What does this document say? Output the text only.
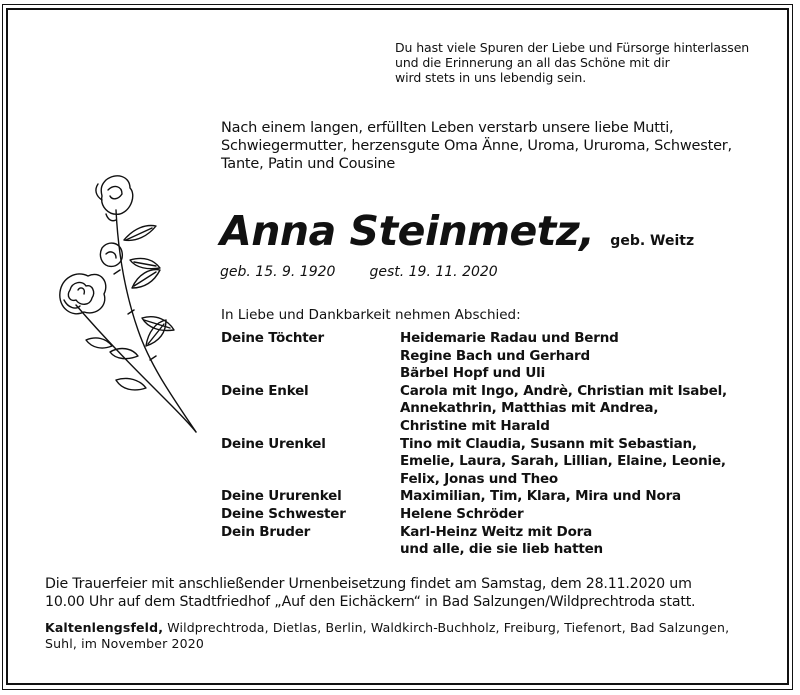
Du hast viele Spuren der Liebe und Fürsorge hinterlassen
und die Erinnerung an all das Schöne mit dir
wird stets in uns lebendig sein.
Nach einem langen, erfüllten Leben verstarb unsere liebe Mutti,
Schwiegermutter, herzensgute Oma Änne, Uroma, Ururoma, Schwester,
Tante, Patin und Cousine
Anna Steinmetz, geb. Weitz
geb. 15. 9. 1920 gest. 19. 11. 2020
In Liebe und Dankbarkeit nehmen Abschied:
Deine Töchter	Heidemarie Radau und Bernd
Regine Bach und Gerhard
Bärbel Hopf und Uli
Deine Enkel	Carola mit Ingo, Andrè, Christian mit Isabel,
Annekathrin, Matthias mit Andrea,
Christine mit Harald
Deine Urenkel	Tino mit Claudia, Susann mit Sebastian,
Emelie, Laura, Sarah, Lillian, Elaine, Leonie,
Felix, Jonas und Theo
Deine Ururenkel	Maximilian, Tim, Klara, Mira und Nora
Deine Schwester	Helene Schröder
Dein Bruder	Karl-Heinz Weitz mit Dora
und alle, die sie lieb hatten
Die Trauerfeier mit anschließender Urnenbeisetzung findet am Samstag, dem 28.11.2020 um
10.00 Uhr auf dem Stadtfriedhof „Auf den Eichäckern“ in Bad Salzungen/Wildprechtroda statt.
Kaltenlengsfeld, Wildprechtroda, Dietlas, Berlin, Waldkirch-Buchholz, Freiburg, Tiefenort, Bad Salzungen,
Suhl, im November 2020
